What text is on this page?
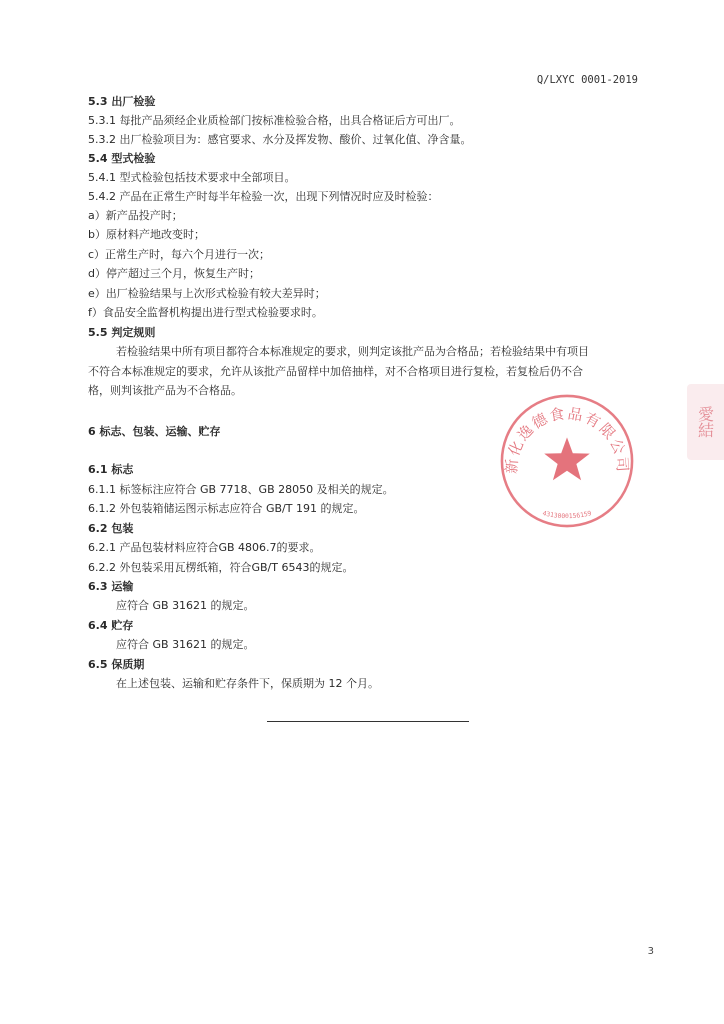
Q/LXYC 0001-2019
5.3 出厂检验
5.3.1 每批产品须经企业质检部门按标准检验合格，出具合格证后方可出厂。
5.3.2 出厂检验项目为：感官要求、水分及挥发物、酸价、过氧化值、净含量。
5.4 型式检验
5.4.1 型式检验包括技术要求中全部项目。
5.4.2 产品在正常生产时每半年检验一次，出现下列情况时应及时检验：
a）新产品投产时；
b）原材料产地改变时；
c）正常生产时，每六个月进行一次；
d）停产超过三个月，恢复生产时；
e）出厂检验结果与上次形式检验有较大差异时；
f）食品安全监督机构提出进行型式检验要求时。
5.5 判定规则
若检验结果中所有项目都符合本标准规定的要求，则判定该批产品为合格品；若检验结果中有项目
不符合本标准规定的要求，允许从该批产品留样中加倍抽样，对不合格项目进行复检，若复检后仍不合
格，则判该批产品为不合格品。
6 标志、包装、运输、贮存
6.1 标志
6.1.1 标签标注应符合 GB 7718、GB 28050 及相关的规定。
6.1.2 外包装箱储运图示标志应符合 GB/T 191 的规定。
6.2 包装
6.2.1 产品包装材料应符合GB 4806.7的要求。
6.2.2 外包装采用瓦楞纸箱，符合GB/T 6543的规定。
6.3 运输
应符合 GB 31621 的规定。
6.4 贮存
应符合 GB 31621 的规定。
6.5 保质期
在上述包装、运输和贮存条件下，保质期为 12 个月。
新化逸德食品有限公司
4313000156159
愛結
3
